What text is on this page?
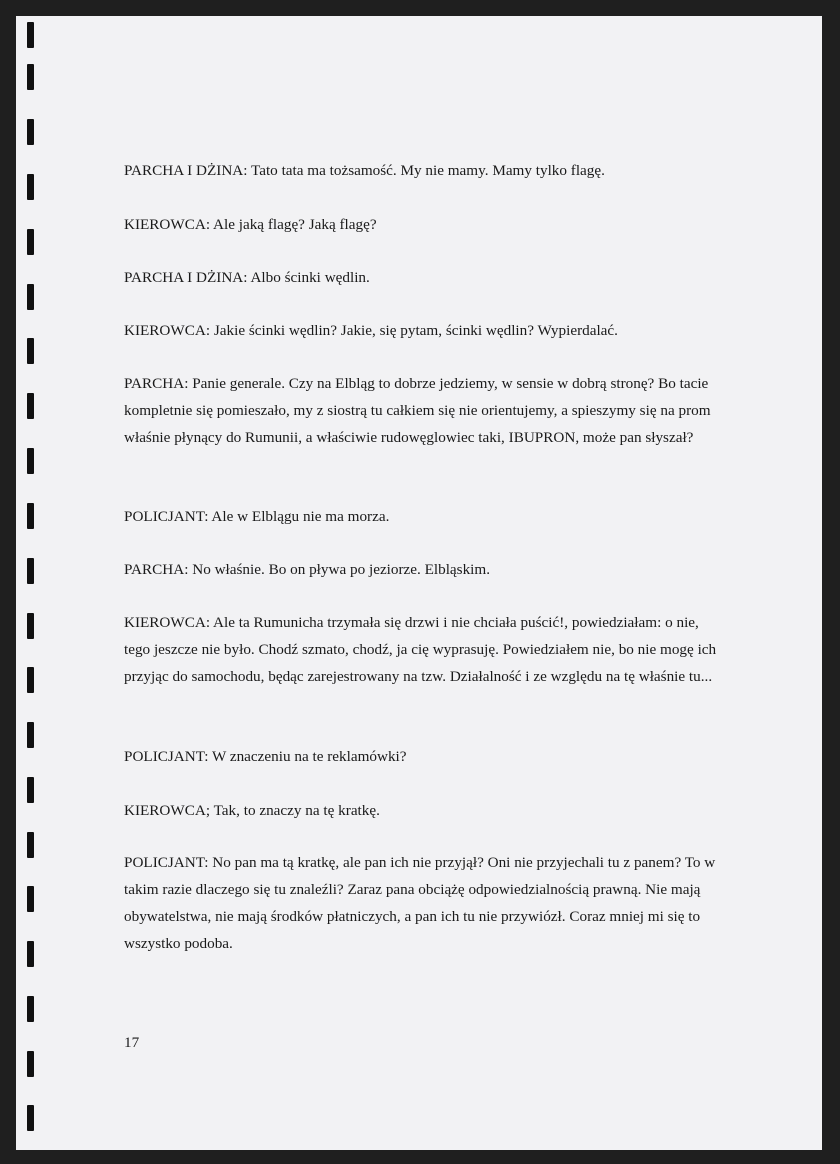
PARCHA I DŻINA: Tato tata ma tożsamość. My nie mamy. Mamy tylko flagę.

KIEROWCA: Ale jaką flagę? Jaką flagę?

PARCHA I DŻINA: Albo ścinki wędlin.

KIEROWCA: Jakie ścinki wędlin? Jakie, się pytam, ścinki wędlin? Wypierdalać.

PARCHA: Panie generale. Czy na Elbląg to dobrze jedziemy, w sensie w dobrą stronę? Bo tacie kompletnie się pomieszało, my z siostrą tu całkiem się nie orientujemy, a spieszymy się na prom właśnie płynący do Rumunii, a właściwie rudowęglowiec taki, IBUPRON, może pan słyszał?

POLICJANT: Ale w Elblągu nie ma morza.

PARCHA: No właśnie. Bo on pływa po jeziorze. Elbląskim.

KIEROWCA: Ale ta Rumunicha trzymała się drzwi i nie chciała puścić!, powiedziałam: o nie, tego jeszcze nie było. Chodź szmato, chodź, ja cię wyprasuję. Powiedziałem nie, bo nie mogę ich przyjąc do samochodu, będąc zarejestrowany na tzw. Działalność i ze względu na tę właśnie tu...

POLICJANT: W znaczeniu na te reklamówki?

KIEROWCA; Tak, to znaczy na tę kratkę.

POLICJANT: No pan ma tą kratkę, ale pan ich nie przyjął? Oni nie przyjechali tu z panem? To w takim razie dlaczego się tu znaleźli? Zaraz pana obciążę odpowiedzialnością prawną. Nie mają obywatelstwa, nie mają środków płatniczych, a pan ich tu nie przywiózł. Coraz mniej mi się to wszystko podoba.

17
